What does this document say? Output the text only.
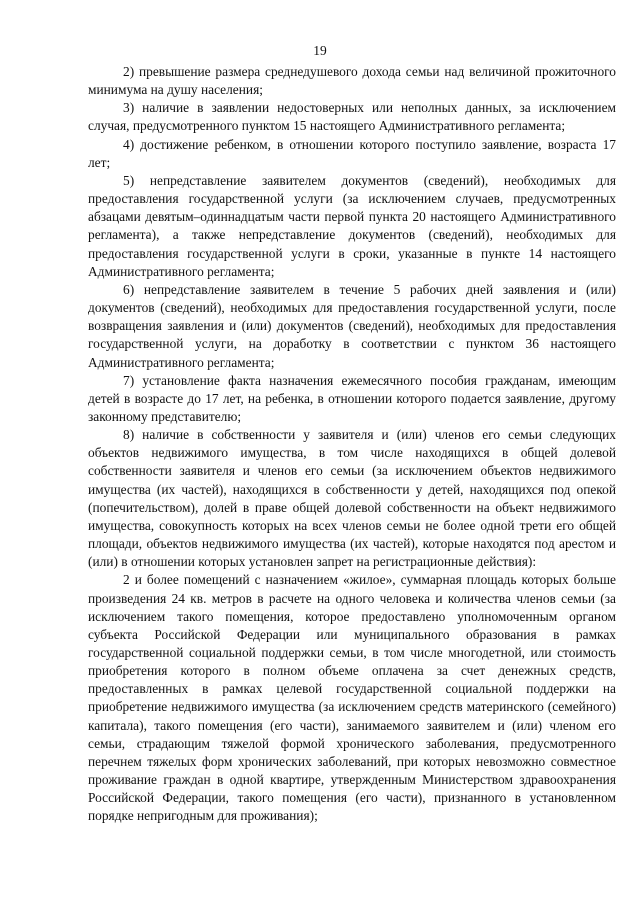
19

2) превышение размера среднедушевого дохода семьи над величиной прожиточного минимума на душу населения;

3) наличие в заявлении недостоверных или неполных данных, за исключением случая, предусмотренного пунктом 15 настоящего Административного регламента;

4) достижение ребенком, в отношении которого поступило заявление, возраста 17 лет;

5) непредставление заявителем документов (сведений), необходимых для предоставления государственной услуги (за исключением случаев, предусмотренных абзацами девятым–одиннадцатым части первой пункта 20 настоящего Административного регламента), а также непредставление документов (сведений), необходимых для предоставления государственной услуги в сроки, указанные в пункте 14 настоящего Административного регламента;

6) непредставление заявителем в течение 5 рабочих дней заявления и (или) документов (сведений), необходимых для предоставления государственной услуги, после возвращения заявления и (или) документов (сведений), необходимых для предоставления государственной услуги, на доработку в соответствии с пунктом 36 настоящего Административного регламента;

7) установление факта назначения ежемесячного пособия гражданам, имеющим детей в возрасте до 17 лет, на ребенка, в отношении которого подается заявление, другому законному представителю;

8) наличие в собственности у заявителя и (или) членов его семьи следующих объектов недвижимого имущества, в том числе находящихся в общей долевой собственности заявителя и членов его семьи (за исключением объектов недвижимого имущества (их частей), находящихся в собственности у детей, находящихся под опекой (попечительством), долей в праве общей долевой собственности на объект недвижимого имущества, совокупность которых на всех членов семьи не более одной трети его общей площади, объектов недвижимого имущества (их частей), которые находятся под арестом и (или) в отношении которых установлен запрет на регистрационные действия):

2 и более помещений с назначением «жилое», суммарная площадь которых больше произведения 24 кв. метров в расчете на одного человека и количества членов семьи (за исключением такого помещения, которое предоставлено уполномоченным органом субъекта Российской Федерации или муниципального образования в рамках государственной социальной поддержки семьи, в том числе многодетной, или стоимость приобретения которого в полном объеме оплачена за счет денежных средств, предоставленных в рамках целевой государственной социальной поддержки на приобретение недвижимого имущества (за исключением средств материнского (семейного) капитала), такого помещения (его части), занимаемого заявителем и (или) членом его семьи, страдающим тяжелой формой хронического заболевания, предусмотренного перечнем тяжелых форм хронических заболеваний, при которых невозможно совместное проживание граждан в одной квартире, утвержденным Министерством здравоохранения Российской Федерации, такого помещения (его части), признанного в установленном порядке непригодным для проживания);
